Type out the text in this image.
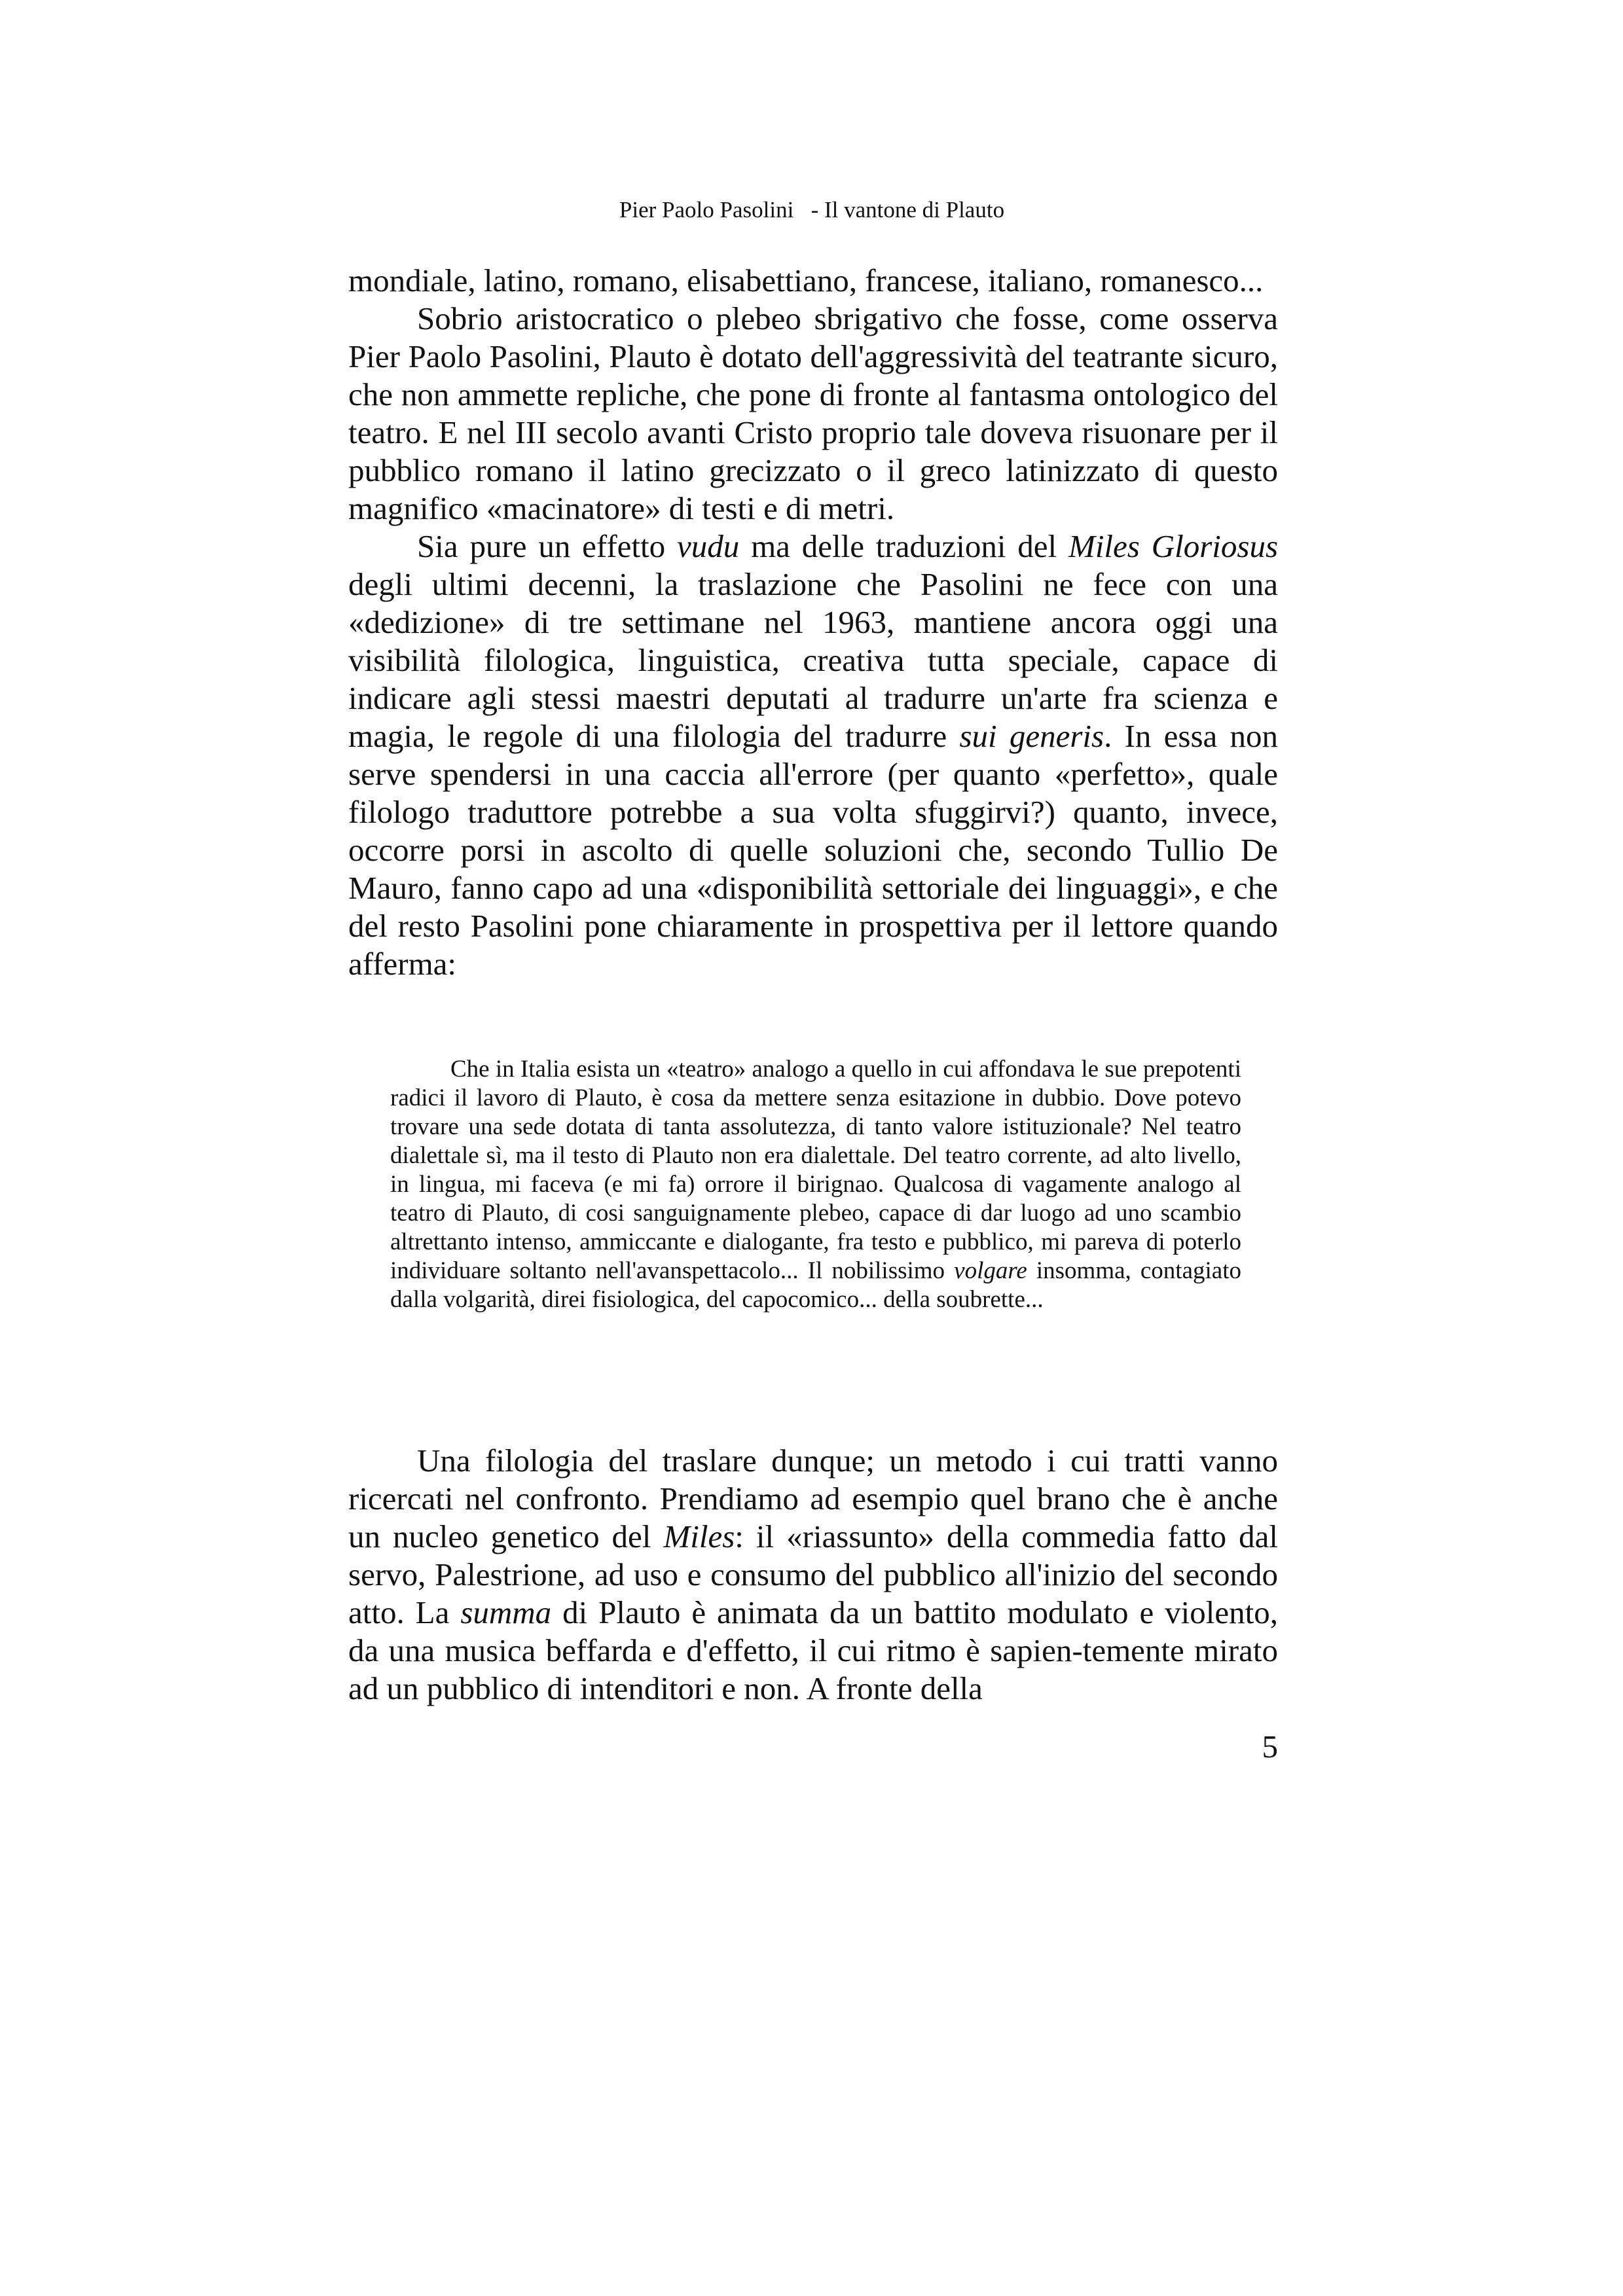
Pier Paolo Pasolini   - Il vantone di Plauto

mondiale, latino, romano, elisabettiano, francese, italiano, romanesco...

Sobrio aristocratico o plebeo sbrigativo che fosse, come osserva Pier Paolo Pasolini, Plauto è dotato dell'aggressività del teatrante sicuro, che non ammette repliche, che pone di fronte al fantasma ontologico del teatro. E nel III secolo avanti Cristo proprio tale doveva risuonare per il pubblico romano il latino grecizzato o il greco latinizzato di questo magnifico «macinatore» di testi e di metri.

Sia pure un effetto vudu ma delle traduzioni del Miles Gloriosus degli ultimi decenni, la traslazione che Pasolini ne fece con una «dedizione» di tre settimane nel 1963, mantiene ancora oggi una visibilità filologica, linguistica, creativa tutta speciale, capace di indicare agli stessi maestri deputati al tradurre un'arte fra scienza e magia, le regole di una filologia del tradurre sui generis. In essa non serve spendersi in una caccia all'errore (per quanto «perfetto», quale filologo traduttore potrebbe a sua volta sfuggirvi?) quanto, invece, occorre porsi in ascolto di quelle soluzioni che, secondo Tullio De Mauro, fanno capo ad una «disponibilità settoriale dei linguaggi», e che del resto Pasolini pone chiaramente in prospettiva per il lettore quando afferma:

Che in Italia esista un «teatro» analogo a quello in cui affondava le sue prepotenti radici il lavoro di Plauto, è cosa da mettere senza esitazione in dubbio. Dove potevo trovare una sede dotata di tanta assolutezza, di tanto valore istituzionale? Nel teatro dialettale sì, ma il testo di Plauto non era dialettale. Del teatro corrente, ad alto livello, in lingua, mi faceva (e mi fa) orrore il birignao. Qualcosa di vagamente analogo al teatro di Plauto, di cosi sanguignamente plebeo, capace di dar luogo ad uno scambio altrettanto intenso, ammiccante e dialogante, fra testo e pubblico, mi pareva di poterlo individuare soltanto nell'avanspettacolo... Il nobilissimo volgare insomma, contagiato dalla volgarità, direi fisiologica, del capocomico... della soubrette...

Una filologia del traslare dunque; un metodo i cui tratti vanno ricercati nel confronto. Prendiamo ad esempio quel brano che è anche un nucleo genetico del Miles: il «riassunto» della commedia fatto dal servo, Palestrione, ad uso e consumo del pubblico all'inizio del secondo atto. La summa di Plauto è animata da un battito modulato e violento, da una musica beffarda e d'effetto, il cui ritmo è sapien-temente mirato ad un pubblico di intenditori e non. A fronte della

5
